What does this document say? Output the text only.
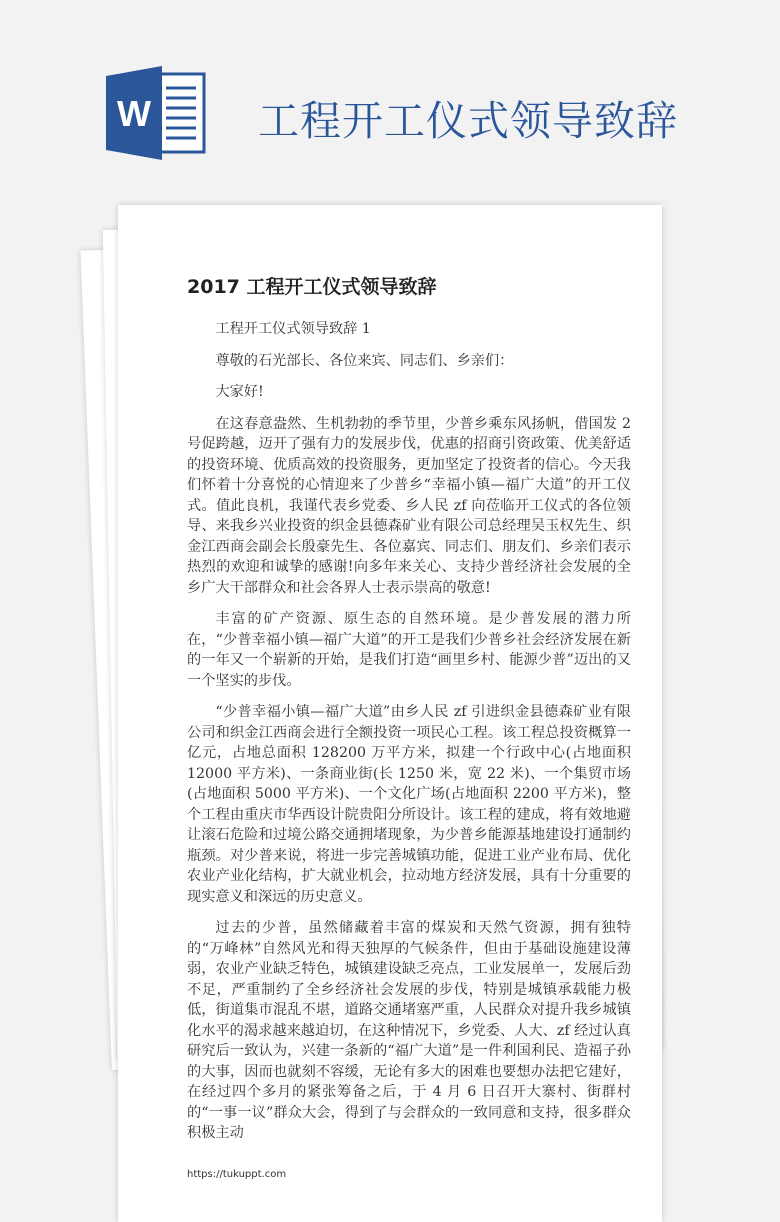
W	工程开工仪式领导致辞
2017 工程开工仪式领导致辞

工程开工仪式领导致辞 1

尊敬的石光部长、各位来宾、同志们、乡亲们：

大家好!

在这春意盎然、生机勃勃的季节里，少普乡乘东风扬帆，借国发 2 号促跨越，迈开了强有力的发展步伐，优惠的招商引资政策、优美舒适的投资环境、优质高效的投资服务，更加坚定了投资者的信心。今天我们怀着十分喜悦的心情迎来了少普乡“幸福小镇—福广大道”的开工仪式。值此良机，我谨代表乡党委、乡人民 zf 向莅临开工仪式的各位领导、来我乡兴业投资的织金县德森矿业有限公司总经理吴玉权先生、织金江西商会副会长殷豪先生、各位嘉宾、同志们、朋友们、乡亲们表示热烈的欢迎和诚挚的感谢!向多年来关心、支持少普经济社会发展的全乡广大干部群众和社会各界人士表示崇高的敬意!

丰富的矿产资源、原生态的自然环境。是少普发展的潜力所在，“少普幸福小镇—福广大道”的开工是我们少普乡社会经济发展在新的一年又一个崭新的开始，是我们打造“画里乡村、能源少普”迈出的又一个坚实的步伐。

“少普幸福小镇—福广大道”由乡人民 zf 引进织金县德森矿业有限公司和织金江西商会进行全额投资一项民心工程。该工程总投资概算一亿元，占地总面积 128200 万平方米，拟建一个行政中心(占地面积 12000 平方米)、一条商业街(长 1250 米，宽 22 米)、一个集贸市场(占地面积 5000 平方米)、一个文化广场(占地面积 2200 平方米)，整个工程由重庆市华西设计院贵阳分所设计。该工程的建成，将有效地避让滚石危险和过境公路交通拥堵现象，为少普乡能源基地建设打通制约瓶颈。对少普来说，将进一步完善城镇功能，促进工业产业布局、优化农业产业化结构，扩大就业机会，拉动地方经济发展，具有十分重要的现实意义和深远的历史意义。

过去的少普，虽然储藏着丰富的煤炭和天然气资源，拥有独特的“万峰林”自然风光和得天独厚的气候条件，但由于基础设施建设薄弱，农业产业缺乏特色，城镇建设缺乏亮点，工业发展单一，发展后劲不足，严重制约了全乡经济社会发展的步伐，特别是城镇承载能力极低，街道集市混乱不堪，道路交通堵塞严重，人民群众对提升我乡城镇化水平的渴求越来越迫切，在这种情况下，乡党委、人大、zf 经过认真研究后一致认为，兴建一条新的“福广大道”是一件利国利民、造福子孙的大事，因而也就刻不容缓，无论有多大的困难也要想办法把它建好，在经过四个多月的紧张筹备之后，于 4 月 6 日召开大寨村、街群村的“一事一议”群众大会，得到了与会群众的一致同意和支持，很多群众积极主动

https://tukuppt.com
